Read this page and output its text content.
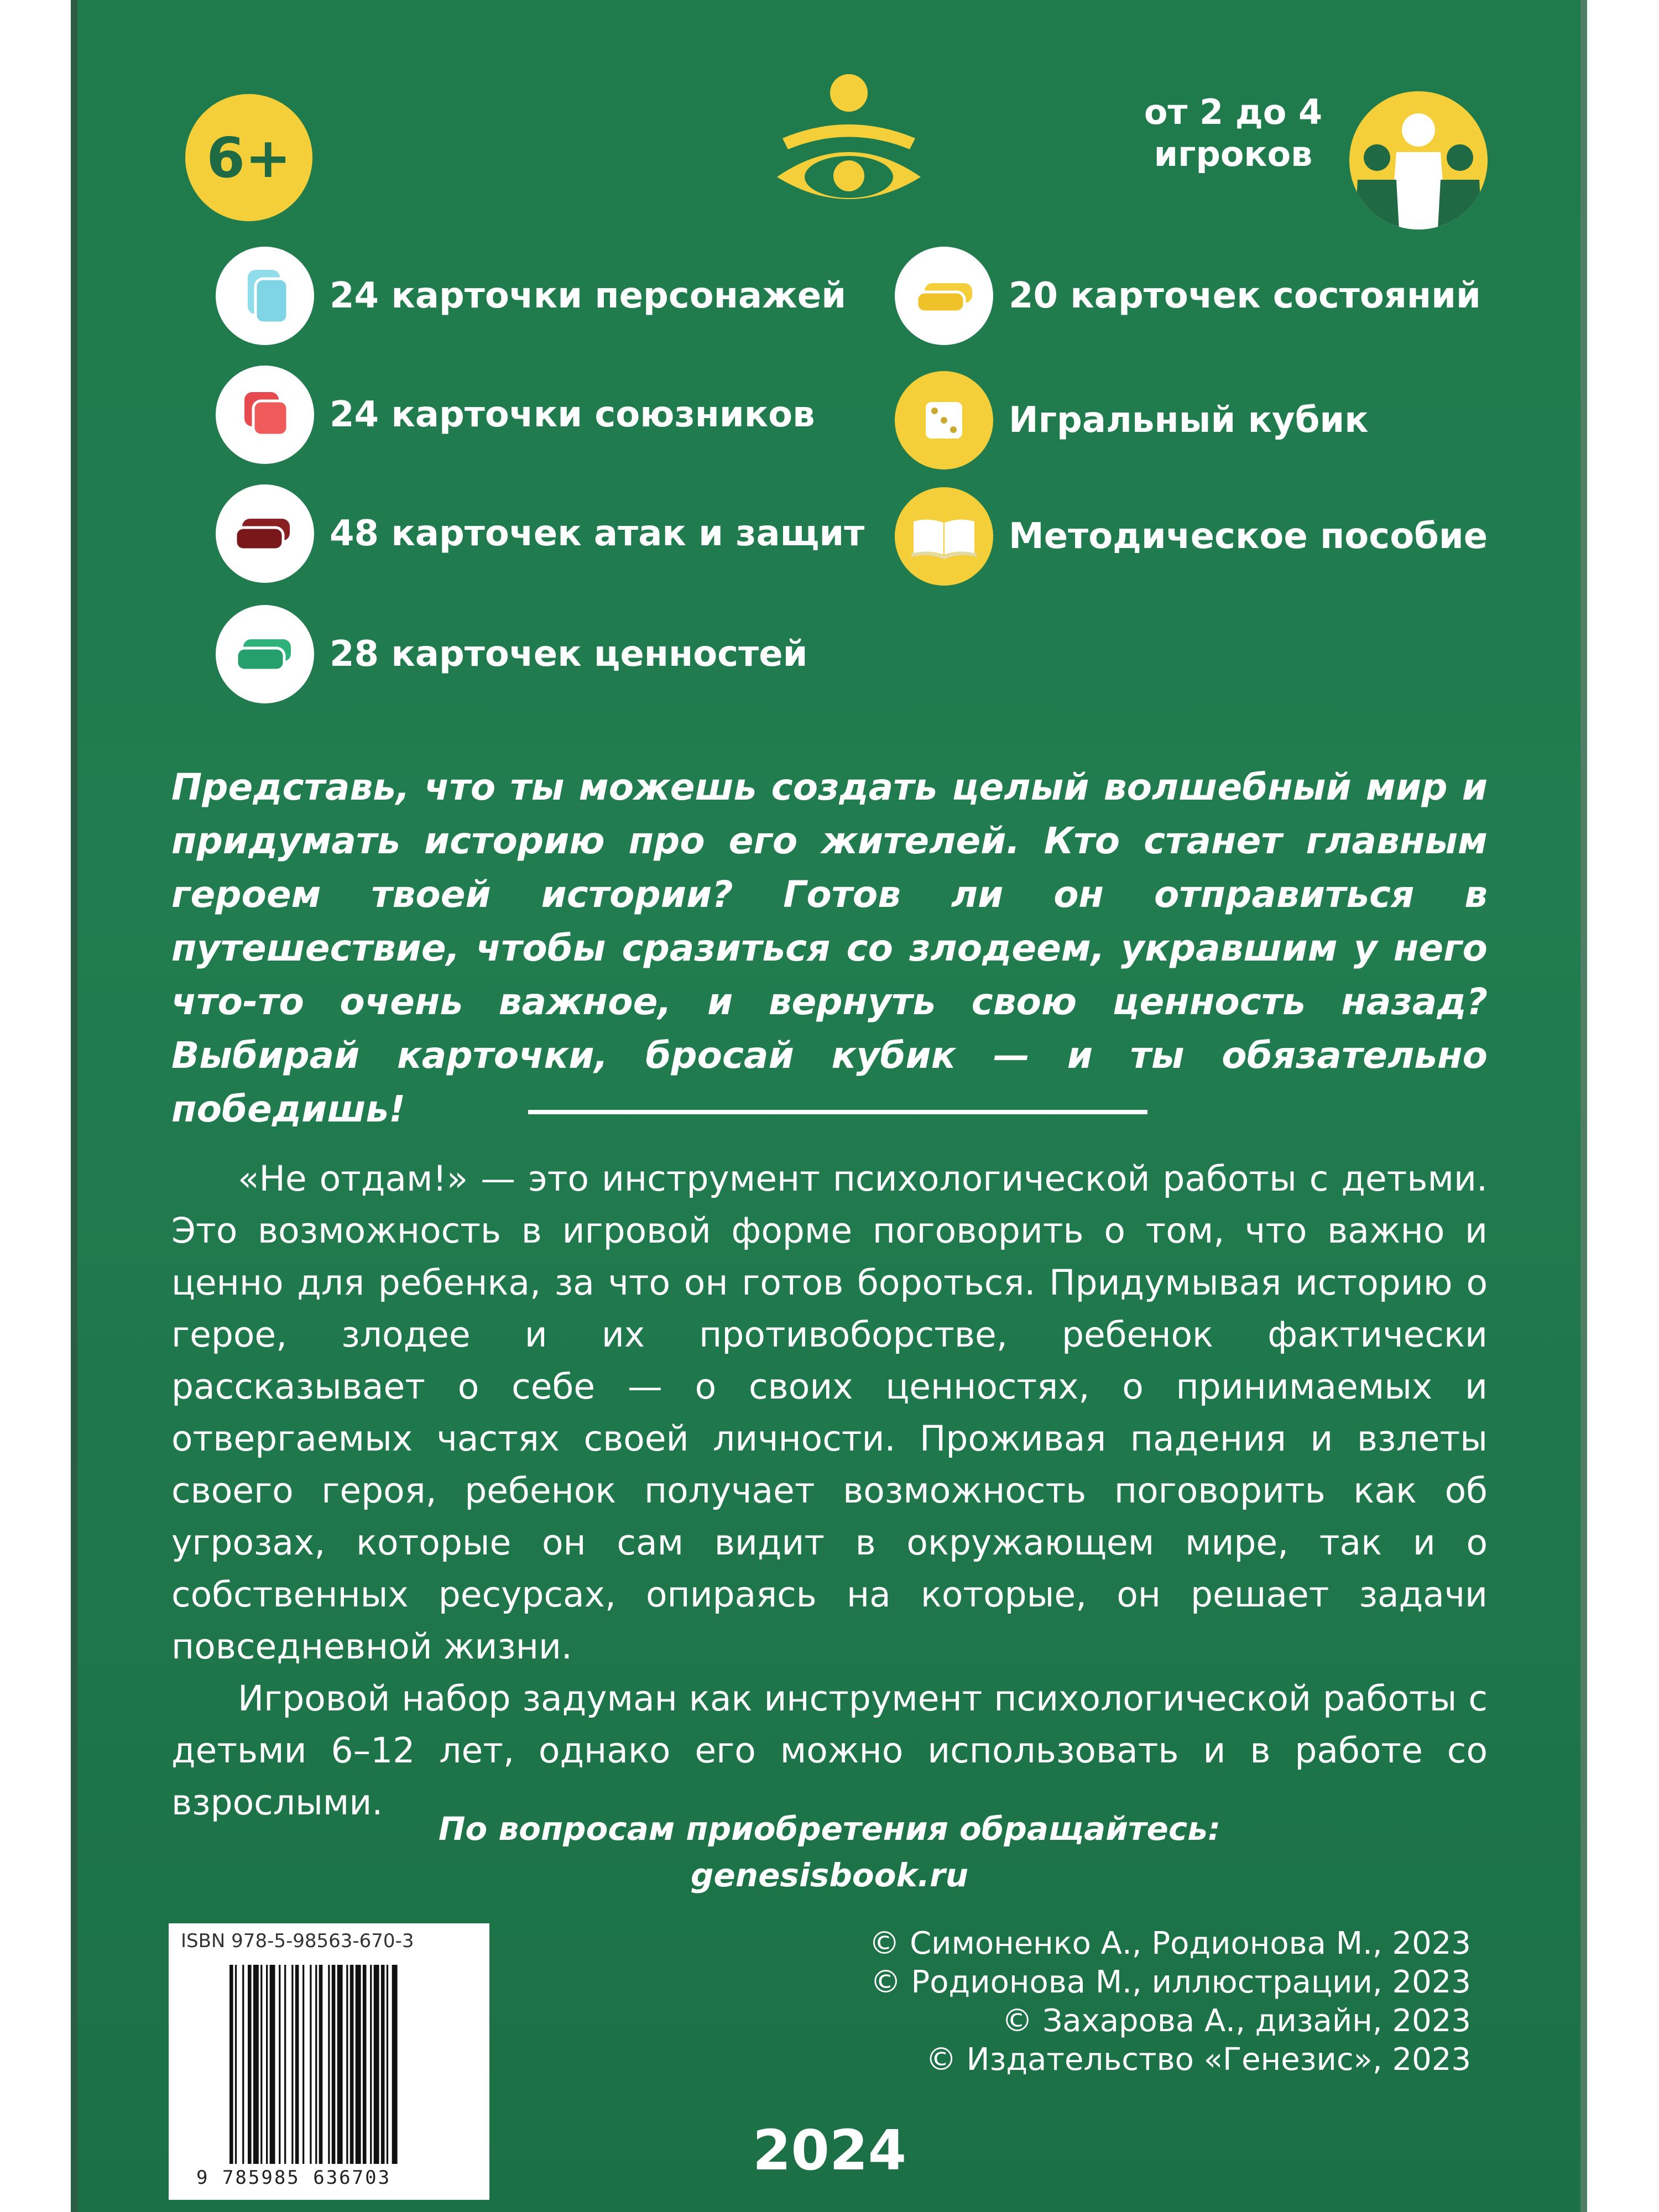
6+
от 2 до 4
игроков
24 карточки персонажей
24 карточки союзников
48 карточек атак и защит
28 карточек ценностей
20 карточек состояний
Игральный кубик
Методическое пособие
Представь, что ты можешь создать целый волшебный мир и придумать историю про его жителей. Кто станет главным героем твоей истории? Готов ли он отправиться в путешествие, чтобы сразиться со злодеем, укравшим у него что-то очень важное, и вернуть свою ценность назад? Выбирай карточки, бросай кубик — и ты обязательно победишь!

«Не отдам!» — это инструмент психологической работы с детьми. Это возможность в игровой форме поговорить о том, что важно и ценно для ребенка, за что он готов бороться. Придумывая историю о герое, злодее и их противоборстве, ребенок фактически рассказывает о себе — о своих ценностях, о принимаемых и отвергаемых частях своей личности. Проживая падения и взлеты своего героя, ребенок получает возможность поговорить как об угрозах, которые он сам видит в окружающем мире, так и о собственных ресурсах, опираясь на которые, он решает задачи повседневной жизни.

Игровой набор задуман как инструмент психологической работы с детьми 6–12 лет, однако его можно использовать и в работе со взрослыми.

По вопросам приобретения обращайтесь:
genesisbook.ru
ISBN 978-5-98563-670-3
9 785985 636703
© Симоненко А., Родионова М., 2023
© Родионова М., иллюстрации, 2023
© Захарова А., дизайн, 2023
© Издательство «Генезис», 2023
2024
